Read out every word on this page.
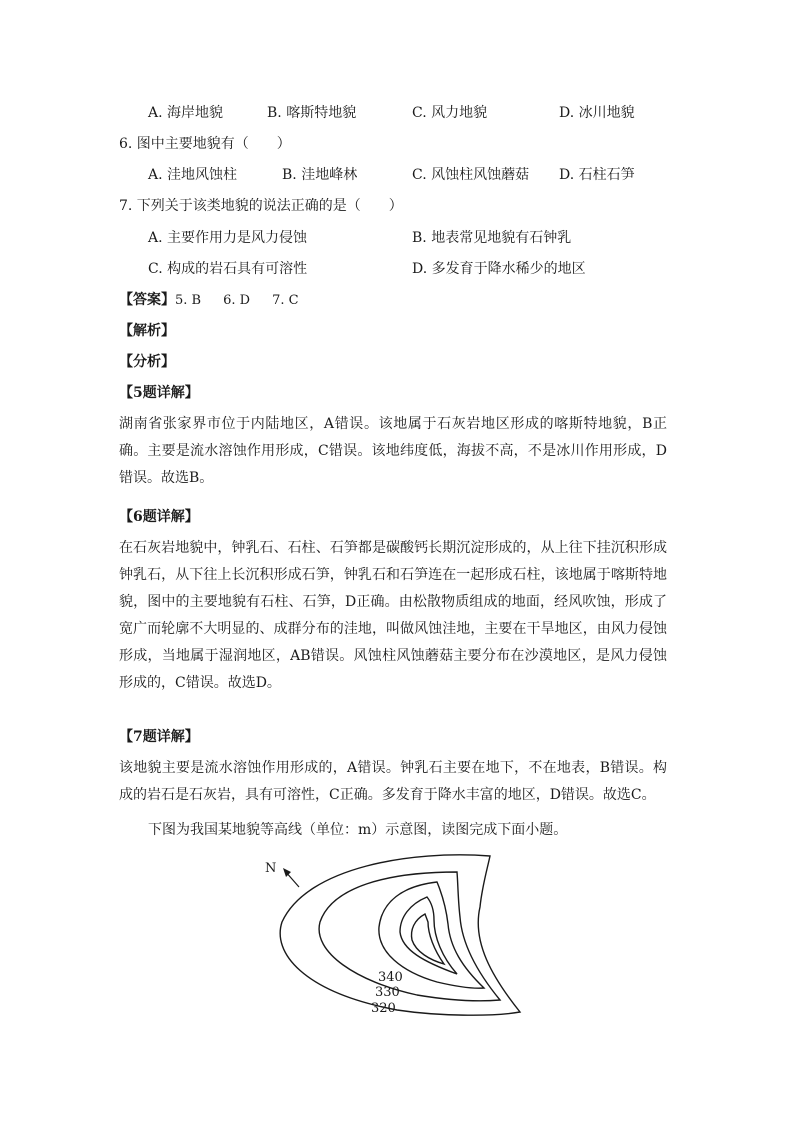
A. 海岸地貌	B. 喀斯特地貌	C. 风力地貌	D. 冰川地貌
6. 图中主要地貌有（　　）
A. 洼地风蚀柱	B. 洼地峰林	C. 风蚀柱风蚀蘑菇 D. 石柱石笋
7. 下列关于该类地貌的说法正确的是（　　）
A. 主要作用力是风力侵蚀	B. 地表常见地貌有石钟乳
C. 构成的岩石具有可溶性	D. 多发育于降水稀少的地区
【答案】5. B 6. D 7. C
【解析】
【分析】
【5题详解】
湖南省张家界市位于内陆地区，A错误。该地属于石灰岩地区形成的喀斯特地貌，B正确。主要是流水溶蚀作用形成，C错误。该地纬度低，海拔不高，不是冰川作用形成，D错误。故选B。
【6题详解】
在石灰岩地貌中，钟乳石、石柱、石笋都是碳酸钙长期沉淀形成的，从上往下挂沉积形成钟乳石，从下往上长沉积形成石笋，钟乳石和石笋连在一起形成石柱，该地属于喀斯特地貌，图中的主要地貌有石柱、石笋，D正确。由松散物质组成的地面，经风吹蚀，形成了宽广而轮廓不大明显的、成群分布的洼地，叫做风蚀洼地，主要在干旱地区，由风力侵蚀形成，当地属于湿润地区，AB错误。风蚀柱风蚀蘑菇主要分布在沙漠地区，是风力侵蚀形成的，C错误。故选D。
【7题详解】
该地貌主要是流水溶蚀作用形成的，A错误。钟乳石主要在地下，不在地表，B错误。构成的岩石是石灰岩，具有可溶性，C正确。多发育于降水丰富的地区，D错误。故选C。
下图为我国某地貌等高线（单位：m）示意图，读图完成下面小题。
N
340
330
320
